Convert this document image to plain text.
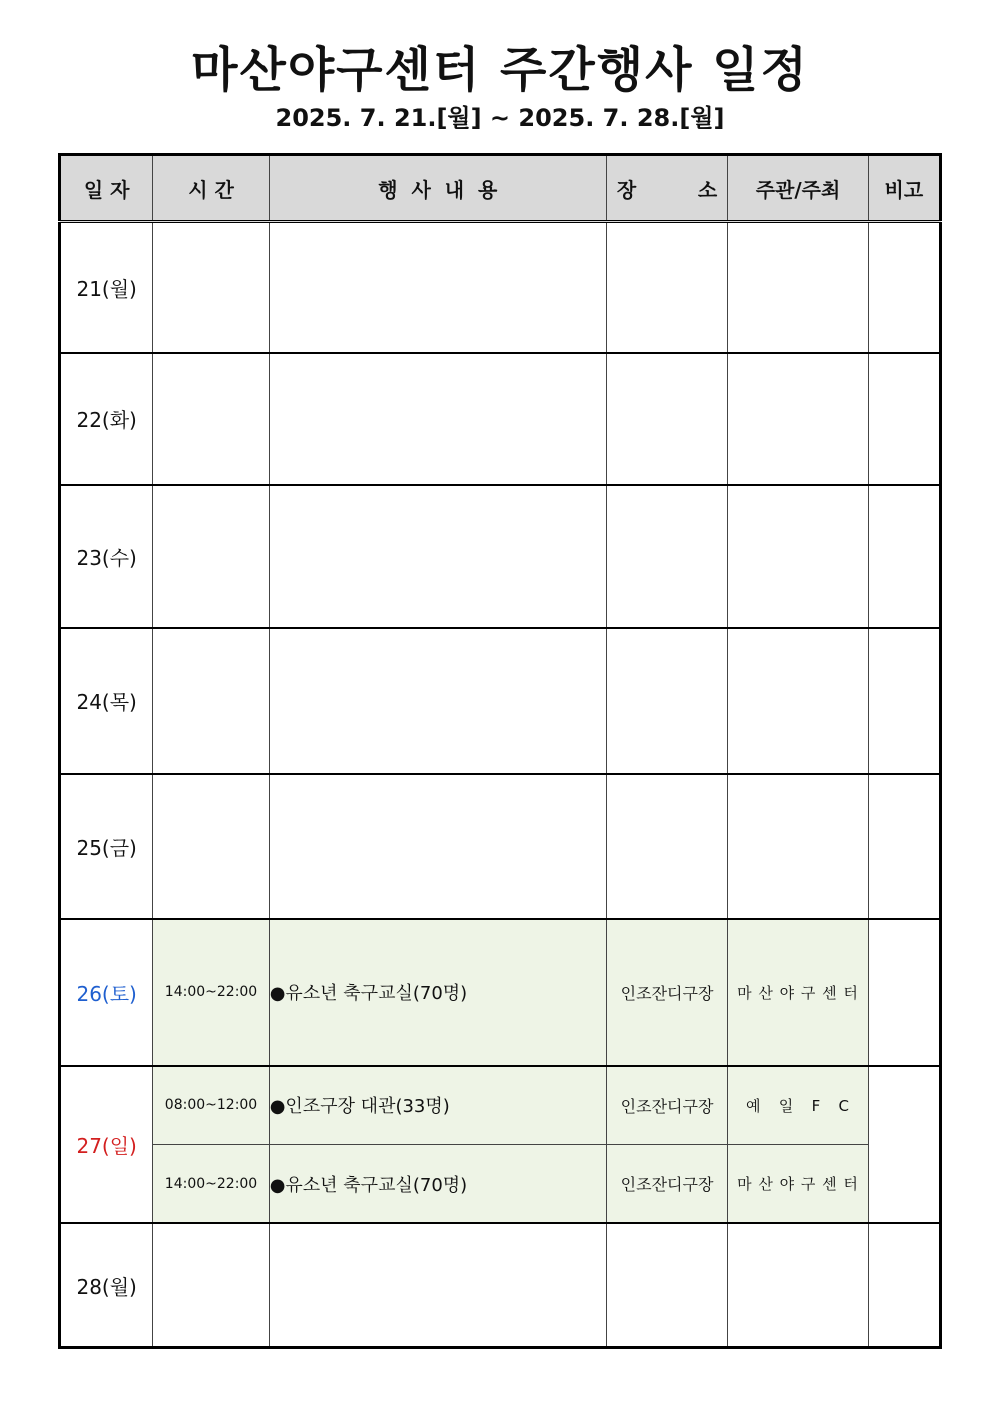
마산야구센터 주간행사 일정
2025. 7. 21.[월] ~ 2025. 7. 28.[월]
일 자	시 간	행  사  내  용	장 소	주관/주최	비고
21(월)					
22(화)					
23(수)					
24(목)					
25(금)					
26(토)	14:00~22:00	●유소년 축구교실(70명)	인조잔디구장	마 산 야 구 센 터	
27(일)	08:00~12:00	●인조구장 대관(33명)	인조잔디구장	예   일   F   C	
	14:00~22:00	●유소년 축구교실(70명)	인조잔디구장	마 산 야 구 센 터	
28(월)					
